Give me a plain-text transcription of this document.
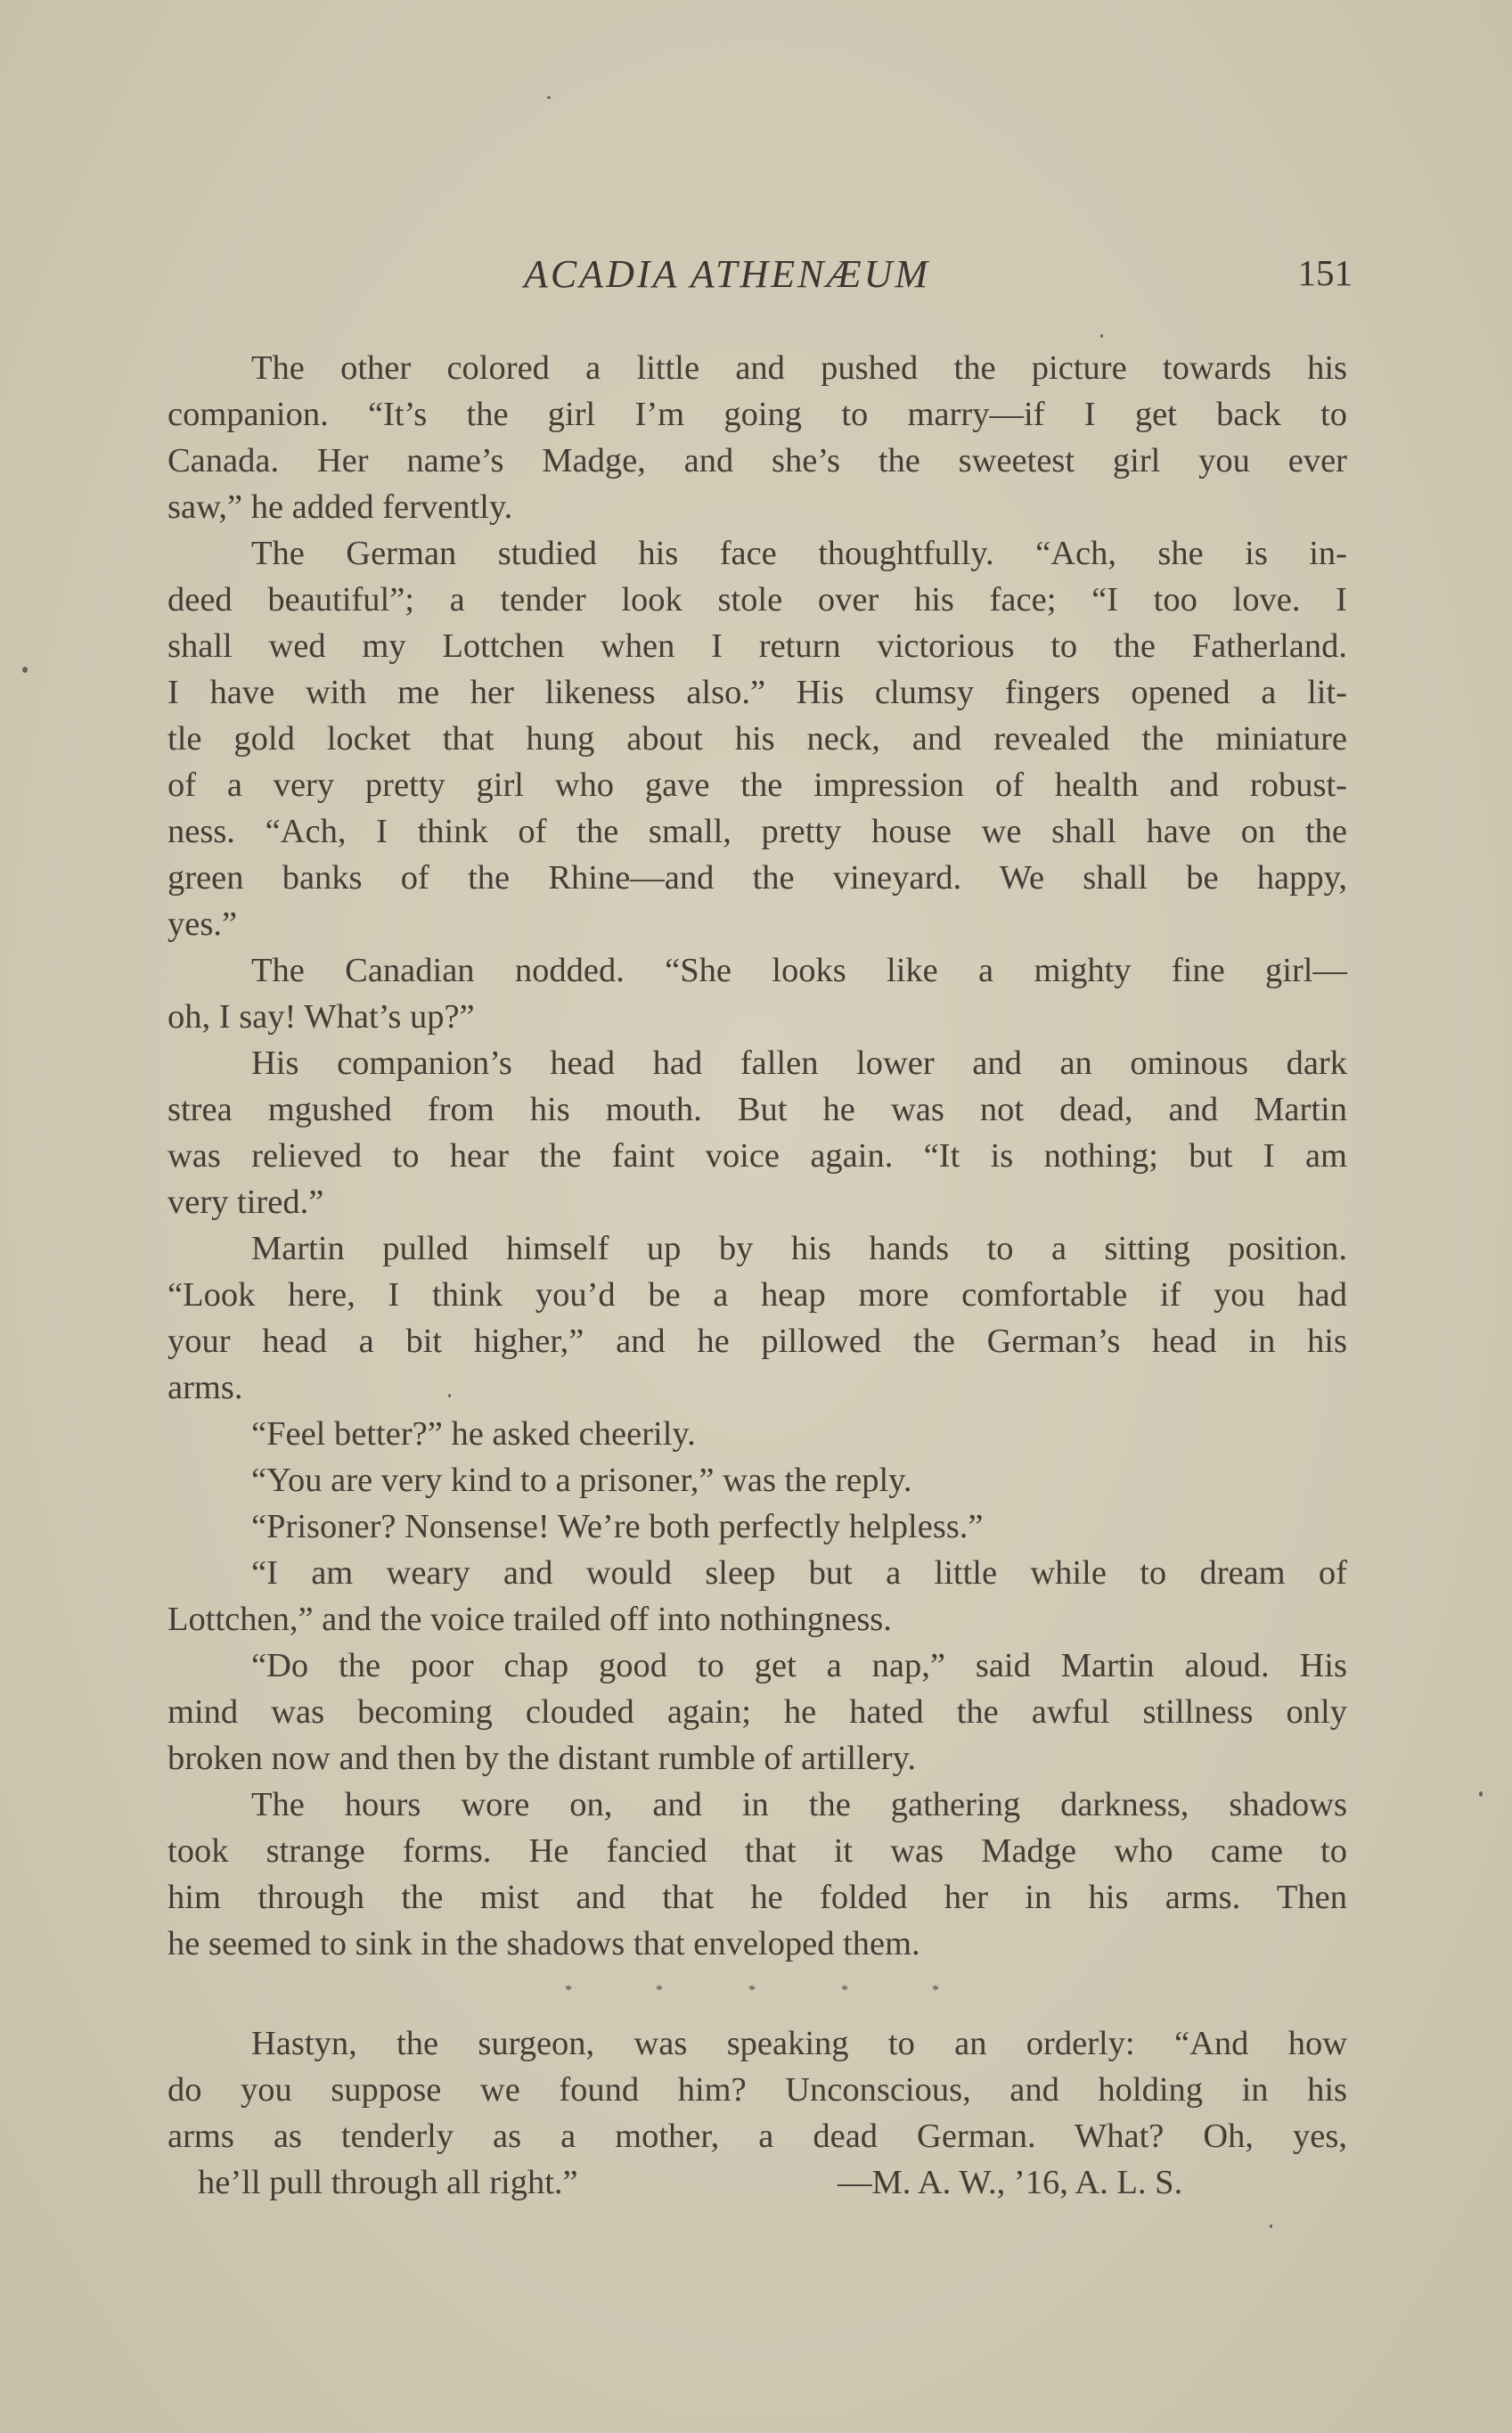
ACADIA ATHENÆUM	151
The other colored a little and pushed the picture towards his
companion. “It’s the girl I’m going to marry—if I get back to
Canada. Her name’s Madge, and she’s the sweetest girl you ever
saw,” he added fervently.
The German studied his face thoughtfully. “Ach, she is in-
deed beautiful”; a tender look stole over his face; “I too love. I
shall wed my Lottchen when I return victorious to the Fatherland.
I have with me her likeness also.” His clumsy fingers opened a lit-
tle gold locket that hung about his neck, and revealed the miniature
of a very pretty girl who gave the impression of health and robust-
ness. “Ach, I think of the small, pretty house we shall have on the
green banks of the Rhine—and the vineyard. We shall be happy,
yes.”
The Canadian nodded. “She looks like a mighty fine girl—
oh, I say! What’s up?”
His companion’s head had fallen lower and an ominous dark
strea mgushed from his mouth. But he was not dead, and Martin
was relieved to hear the faint voice again. “It is nothing; but I am
very tired.”
Martin pulled himself up by his hands to a sitting position.
“Look here, I think you’d be a heap more comfortable if you had
your head a bit higher,” and he pillowed the German’s head in his
arms.
“Feel better?” he asked cheerily.
“You are very kind to a prisoner,” was the reply.
“Prisoner? Nonsense! We’re both perfectly helpless.”
“I am weary and would sleep but a little while to dream of
Lottchen,” and the voice trailed off into nothingness.
“Do the poor chap good to get a nap,” said Martin aloud. His
mind was becoming clouded again; he hated the awful stillness only
broken now and then by the distant rumble of artillery.
The hours wore on, and in the gathering darkness, shadows
took strange forms. He fancied that it was Madge who came to
him through the mist and that he folded her in his arms. Then
he seemed to sink in the shadows that enveloped them.
*	*	*	*	*
Hastyn, the surgeon, was speaking to an orderly: “And how
do you suppose we found him? Unconscious, and holding in his
arms as tenderly as a mother, a dead German. What? Oh, yes,
he’ll pull through all right.”	—M. A. W., ’16, A. L. S.
